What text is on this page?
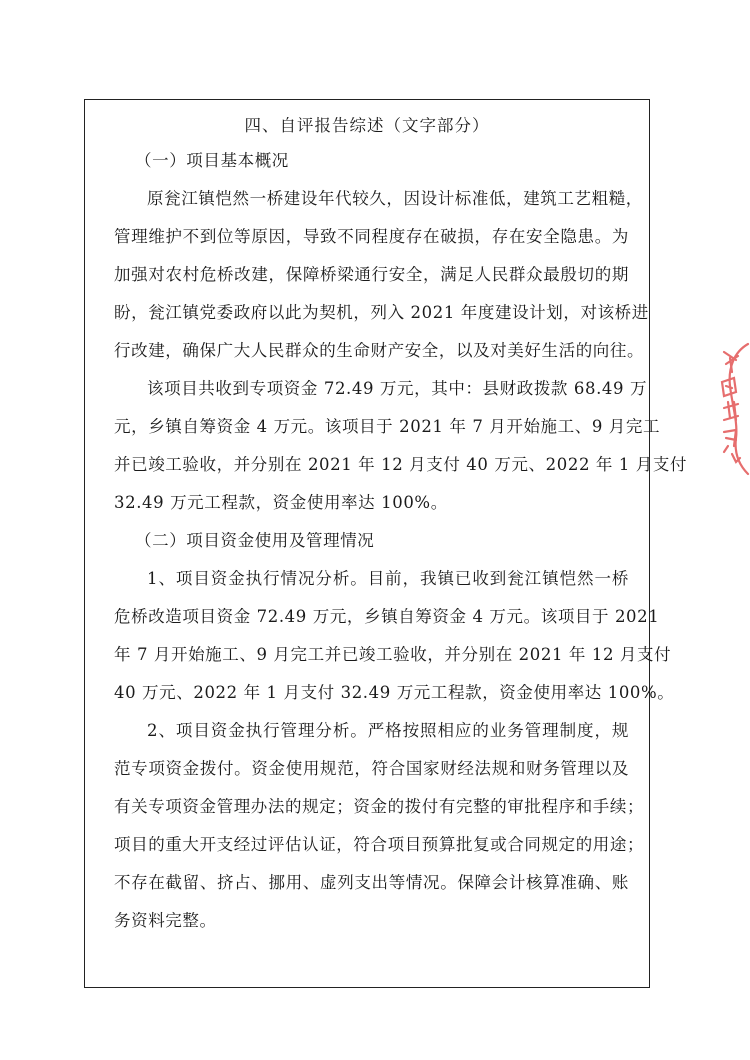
四、自评报告综述（文字部分）
（一）项目基本概况
原瓮江镇恺然一桥建设年代较久，因设计标准低，建筑工艺粗糙，
管理维护不到位等原因，导致不同程度存在破损，存在安全隐患。为
加强对农村危桥改建，保障桥梁通行安全，满足人民群众最殷切的期
盼，瓮江镇党委政府以此为契机，列入 2021 年度建设计划，对该桥进
行改建，确保广大人民群众的生命财产安全，以及对美好生活的向往。
该项目共收到专项资金 72.49 万元，其中：县财政拨款 68.49 万
元，乡镇自筹资金 4 万元。该项目于 2021 年 7 月开始施工、9 月完工
并已竣工验收，并分别在 2021 年 12 月支付 40 万元、2022 年 1 月支付
32.49 万元工程款，资金使用率达 100%。
（二）项目资金使用及管理情况
1、项目资金执行情况分析。目前，我镇已收到瓮江镇恺然一桥
危桥改造项目资金 72.49 万元，乡镇自筹资金 4 万元。该项目于 2021
年 7 月开始施工、9 月完工并已竣工验收，并分别在 2021 年 12 月支付
40 万元、2022 年 1 月支付 32.49 万元工程款，资金使用率达 100%。
2、项目资金执行管理分析。严格按照相应的业务管理制度，规
范专项资金拨付。资金使用规范，符合国家财经法规和财务管理以及
有关专项资金管理办法的规定；资金的拨付有完整的审批程序和手续；
项目的重大开支经过评估认证，符合项目预算批复或合同规定的用途；
不存在截留、挤占、挪用、虚列支出等情况。保障会计核算准确、账
务资料完整。
